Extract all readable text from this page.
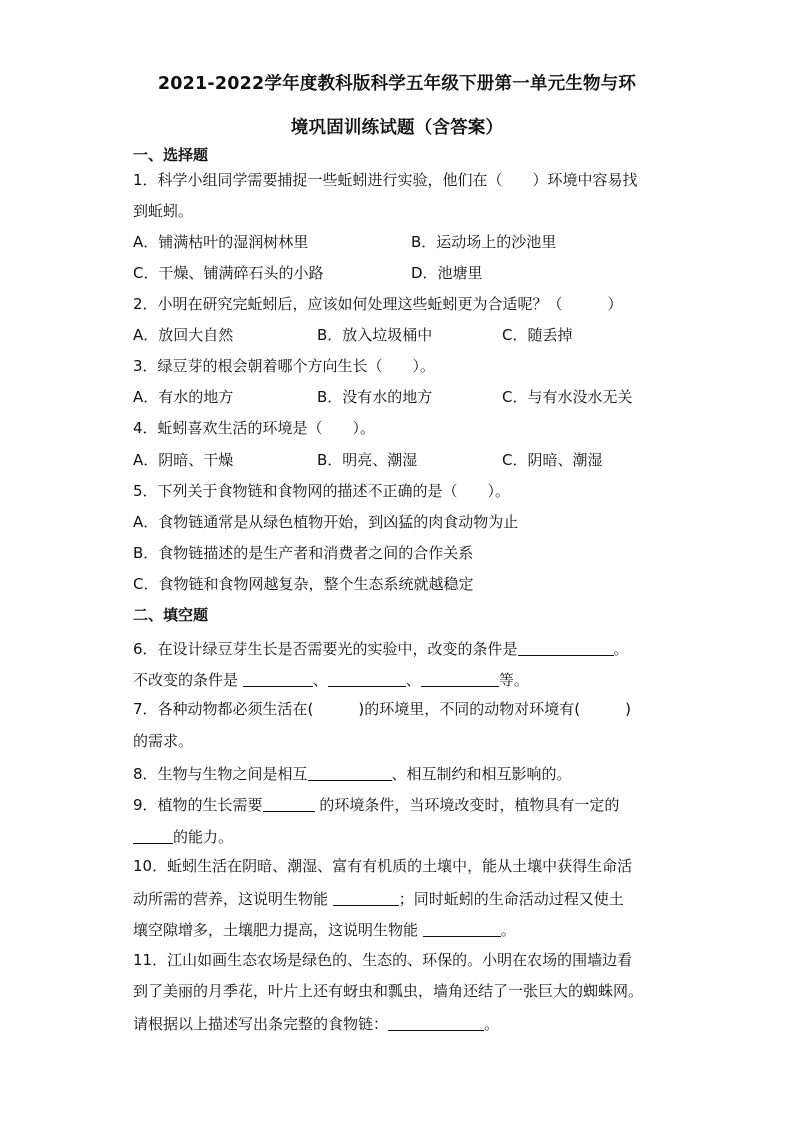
2021-2022学年度教科版科学五年级下册第一单元生物与环
境巩固训练试题（含答案）
一、选择题
1．科学小组同学需要捕捉一些蚯蚓进行实验，他们在（　　）环境中容易找
到蚯蚓。
A．铺满枯叶的湿润树林里	B．运动场上的沙池里
C．干燥、铺满碎石头的小路	D．池塘里
2．小明在研究完蚯蚓后，应该如何处理这些蚯蚓更为合适呢？（　　　）
A．放回大自然	B．放入垃圾桶中	C．随丢掉
3．绿豆芽的根会朝着哪个方向生长（　　）。
A．有水的地方	B．没有水的地方	C．与有水没水无关
4．蚯蚓喜欢生活的环境是（　　）。
A．阴暗、干燥	B．明亮、潮湿	C．阴暗、潮湿
5．下列关于食物链和食物网的描述不正确的是（　　）。
A．食物链通常是从绿色植物开始，到凶猛的肉食动物为止
B．食物链描述的是生产者和消费者之间的合作关系
C．食物链和食物网越复杂，整个生态系统就越稳定
二、填空题
6．在设计绿豆芽生长是否需要光的实验中，改变的条件是	。
不改变的条件是	、	、	等。
7．各种动物都必须生活在(　　　)的环境里，不同的动物对环境有(　　　)
的需求。
8．生物与生物之间是相互	、相互制约和相互影响的。
9．植物的生长需要	的环境条件，当环境改变时，植物具有一定的
的能力。
10．蚯蚓生活在阴暗、潮湿、富有有机质的土壤中，能从土壤中获得生命活
动所需的营养，这说明生物能	；同时蚯蚓的生命活动过程又使土
壤空隙增多，土壤肥力提高，这说明生物能	。
11．江山如画生态农场是绿色的、生态的、环保的。小明在农场的围墙边看
到了美丽的月季花，叶片上还有蚜虫和瓢虫，墙角还结了一张巨大的蜘蛛网。
请根据以上描述写出条完整的食物链：	。
